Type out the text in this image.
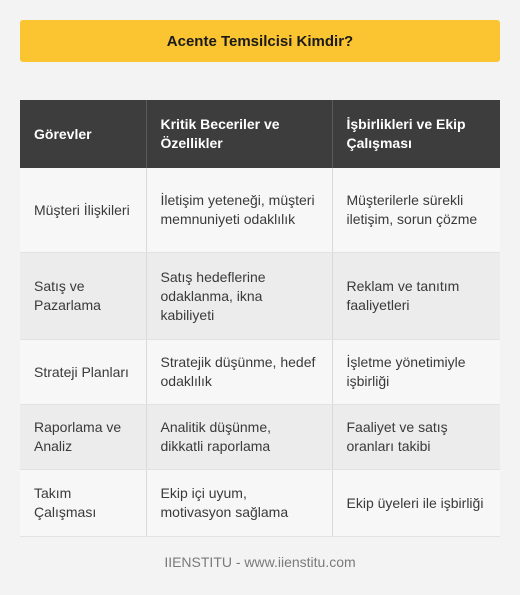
Acente Temsilcisi Kimdir?
Görevler	Kritik Beceriler ve Özellikler	İşbirlikleri ve Ekip Çalışması
Müşteri İlişkileri	İletişim yeteneği, müşteri memnuniyeti odaklılık	Müşterilerle sürekli iletişim, sorun çözme
Satış ve Pazarlama	Satış hedeflerine odaklanma, ikna kabiliyeti	Reklam ve tanıtım faaliyetleri
Strateji Planları	Stratejik düşünme, hedef odaklılık	İşletme yönetimiyle işbirliği
Raporlama ve Analiz	Analitik düşünme, dikkatli raporlama	Faaliyet ve satış oranları takibi
Takım Çalışması	Ekip içi uyum, motivasyon sağlama	Ekip üyeleri ile işbirliği
IIENSTITU - www.iienstitu.com
